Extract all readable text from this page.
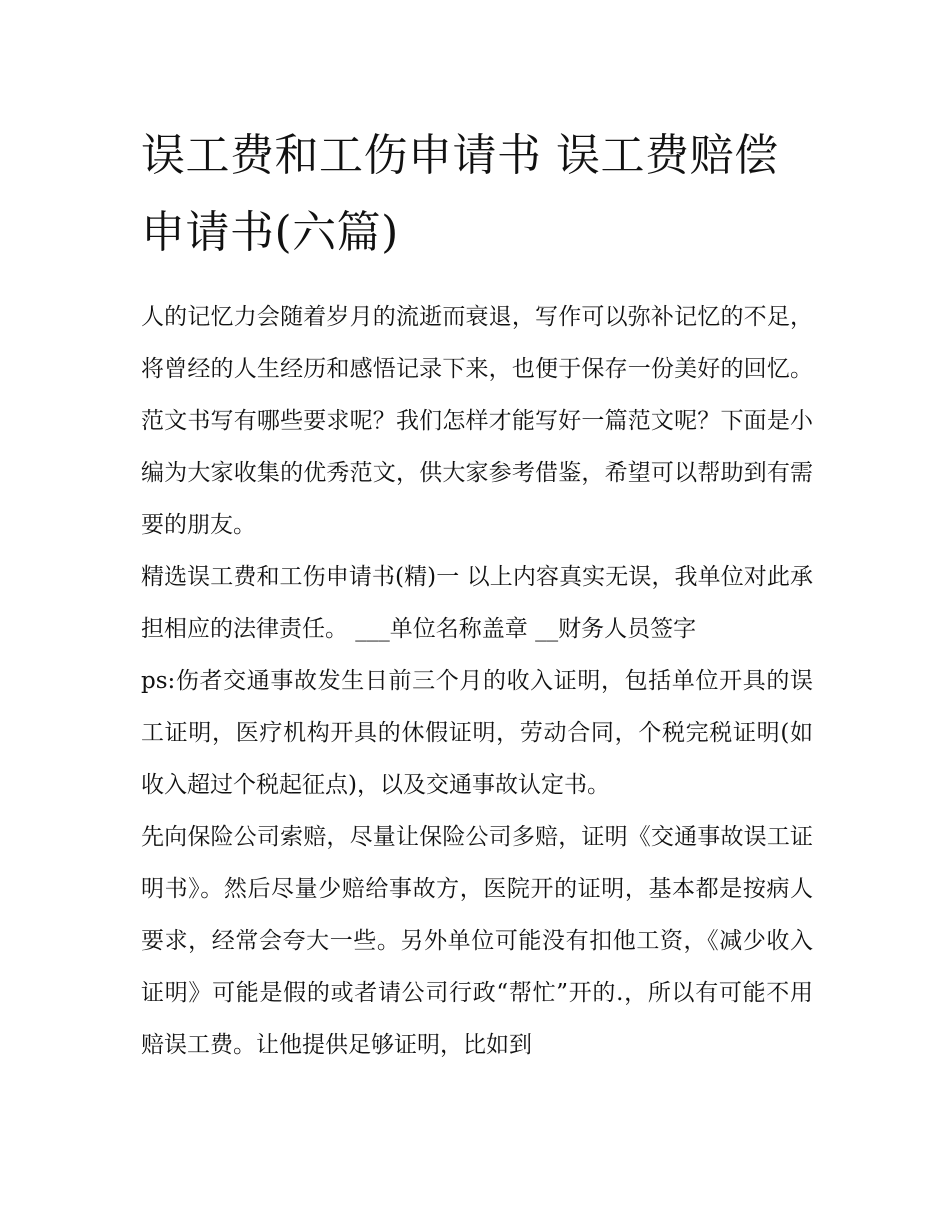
误工费和工伤申请书 误工费赔偿申请书(六篇)

人的记忆力会随着岁月的流逝而衰退，写作可以弥补记忆的不足，将曾经的人生经历和感悟记录下来，也便于保存一份美好的回忆。范文书写有哪些要求呢？我们怎样才能写好一篇范文呢？下面是小编为大家收集的优秀范文，供大家参考借鉴，希望可以帮助到有需要的朋友。

精选误工费和工伤申请书(精)一 以上内容真实无误，我单位对此承担相应的法律责任。 ___单位名称盖章 __财务人员签字

ps:伤者交通事故发生日前三个月的收入证明，包括单位开具的误工证明，医疗机构开具的休假证明，劳动合同，个税完税证明(如收入超过个税起征点)，以及交通事故认定书。

先向保险公司索赔，尽量让保险公司多赔，证明《交通事故误工证明书》。然后尽量少赔给事故方，医院开的证明，基本都是按病人要求，经常会夸大一些。另外单位可能没有扣他工资，《减少收入证明》可能是假的或者请公司行政“帮忙”开的.，所以有可能不用赔误工费。让他提供足够证明，比如到
